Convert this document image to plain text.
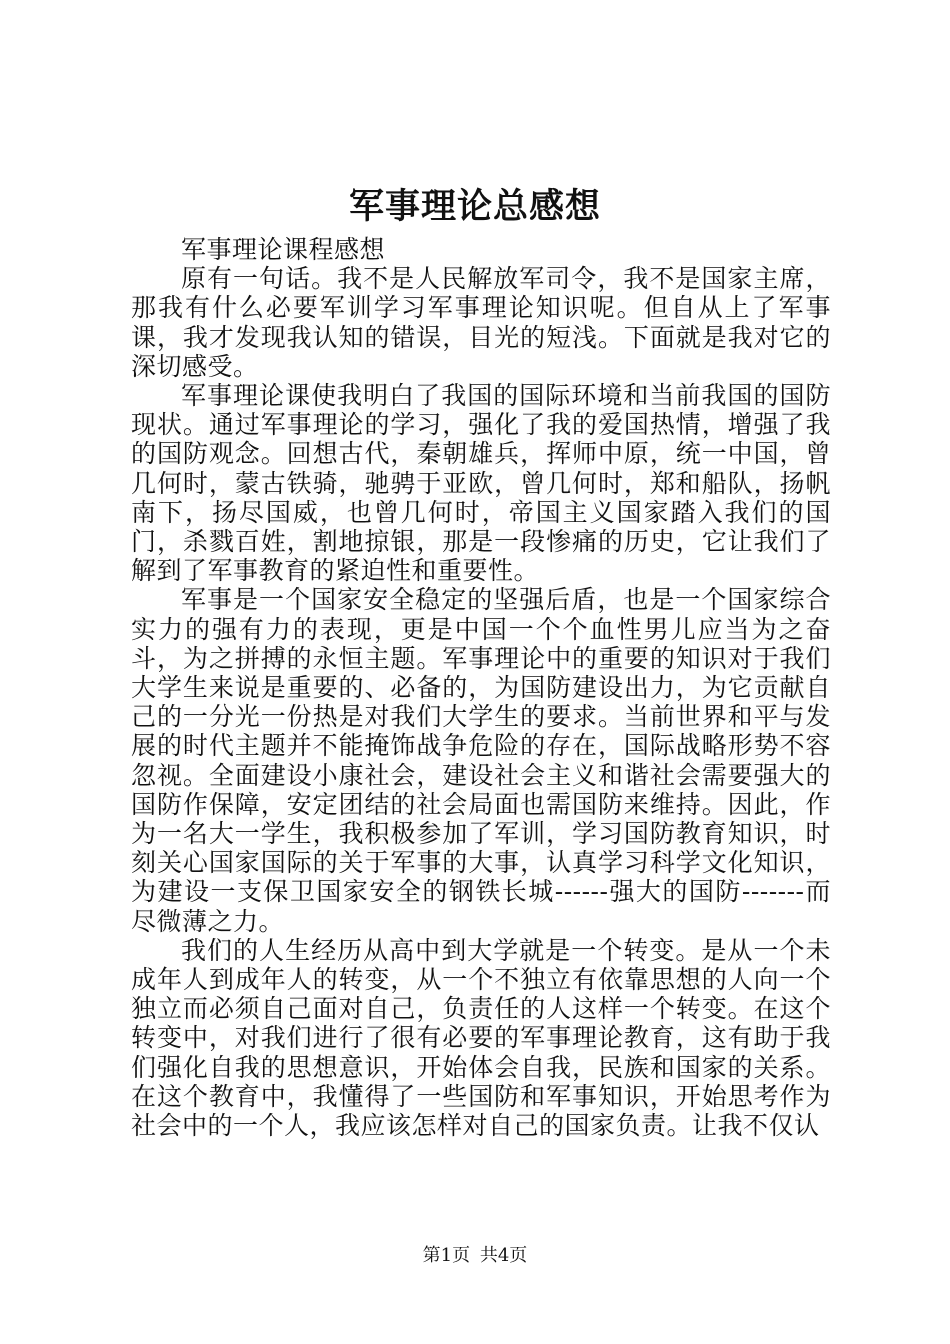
军事理论总感想

军事理论课程感想

原有一句话。我不是人民解放军司令，我不是国家主席，那我有什么必要军训学习军事理论知识呢。但自从上了军事课，我才发现我认知的错误，目光的短浅。下面就是我对它的深切感受。

军事理论课使我明白了我国的国际环境和当前我国的国防现状。通过军事理论的学习，强化了我的爱国热情，增强了我的国防观念。回想古代，秦朝雄兵，挥师中原，统一中国，曾几何时，蒙古铁骑，驰骋于亚欧，曾几何时，郑和船队，扬帆南下，扬尽国威，也曾几何时，帝国主义国家踏入我们的国门，杀戮百姓，割地掠银，那是一段惨痛的历史，它让我们了解到了军事教育的紧迫性和重要性。

军事是一个国家安全稳定的坚强后盾，也是一个国家综合实力的强有力的表现，更是中国一个个血性男儿应当为之奋斗，为之拼搏的永恒主题。军事理论中的重要的知识对于我们大学生来说是重要的、必备的，为国防建设出力，为它贡献自己的一分光一份热是对我们大学生的要求。当前世界和平与发展的时代主题并不能掩饰战争危险的存在，国际战略形势不容忽视。全面建设小康社会，建设社会主义和谐社会需要强大的国防作保障，安定团结的社会局面也需国防来维持。因此，作为一名大一学生，我积极参加了军训，学习国防教育知识，时刻关心国家国际的关于军事的大事，认真学习科学文化知识，为建设一支保卫国家安全的钢铁长城------强大的国防-------而尽微薄之力。

我们的人生经历从高中到大学就是一个转变。是从一个未成年人到成年人的转变，从一个不独立有依靠思想的人向一个独立而必须自己面对自己，负责任的人这样一个转变。在这个转变中，对我们进行了很有必要的军事理论教育，这有助于我们强化自我的思想意识，开始体会自我，民族和国家的关系。在这个教育中，我懂得了一些国防和军事知识，开始思考作为社会中的一个人，我应该怎样对自己的国家负责。让我不仅认

第1页 共4页
